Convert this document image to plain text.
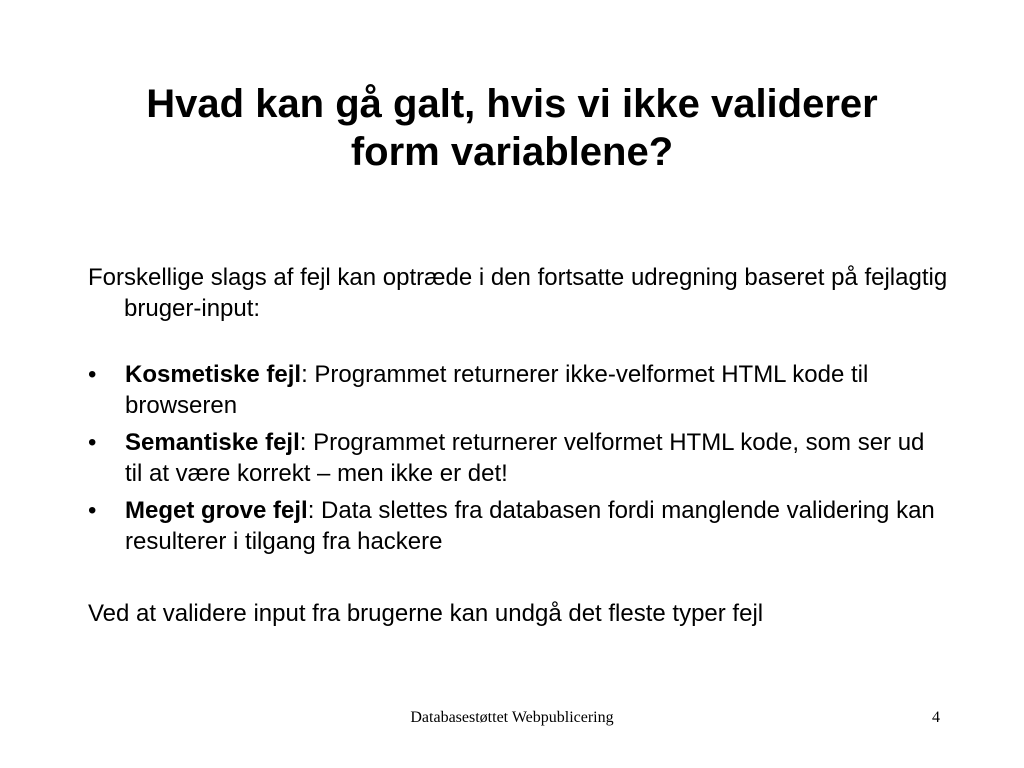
Hvad kan gå galt, hvis vi ikke validerer
form variablene?

Forskellige slags af fejl kan optræde i den fortsatte udregning baseret på fejlagtig bruger-input:

• Kosmetiske fejl: Programmet returnerer ikke-velformet HTML kode til browseren
• Semantiske fejl: Programmet returnerer velformet HTML kode, som ser ud til at være korrekt – men ikke er det!
• Meget grove fejl: Data slettes fra databasen fordi manglende validering kan resulterer i tilgang fra hackere

Ved at validere input fra brugerne kan undgå det fleste typer fejl

Databasestøttet Webpublicering	4
